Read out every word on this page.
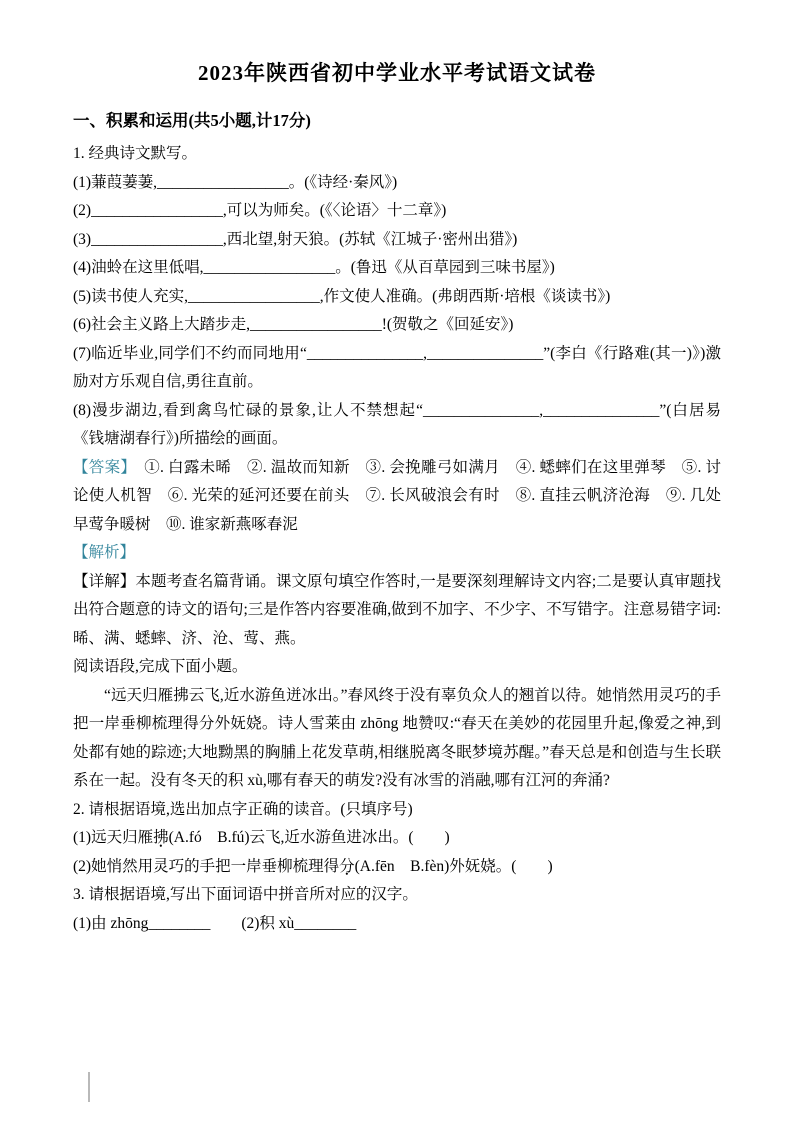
2023年陕西省初中学业水平考试语文试卷
一、积累和运用(共5小题,计17分)

1. 经典诗文默写。

(1)蒹葭萋萋,_________________。(《诗经·秦风》)

(2)_________________,可以为师矣。(《〈论语〉十二章》)

(3)_________________,西北望,射天狼。(苏轼《江城子·密州出猎》)

(4)油蛉在这里低唱,_________________。(鲁迅《从百草园到三味书屋》)

(5)读书使人充实,_________________,作文使人准确。(弗朗西斯·培根《谈读书》)

(6)社会主义路上大踏步走,_________________!(贺敬之《回延安》)

(7)临近毕业,同学们不约而同地用“_______________,_______________”(李白《行路难(其一)》)激励对方乐观自信,勇往直前。

(8)漫步湖边,看到禽鸟忙碌的景象,让人不禁想起“_______________,_______________”(白居易《钱塘湖春行》)所描绘的画面。

【答案】　①. 白露未晞　②. 温故而知新　③. 会挽雕弓如满月　④. 蟋蟀们在这里弹琴　⑤. 讨论使人机智　⑥. 光荣的延河还要在前头　⑦. 长风破浪会有时　⑧. 直挂云帆济沧海　⑨. 几处早莺争暖树　⑩. 谁家新燕啄春泥

【解析】

【详解】本题考查名篇背诵。课文原句填空作答时,一是要深刻理解诗文内容;二是要认真审题找出符合题意的诗文的语句;三是作答内容要准确,做到不加字、不少字、不写错字。注意易错字词:晞、满、蟋蟀、济、沧、莺、燕。

阅读语段,完成下面小题。

“远天归雁拂云飞,近水游鱼迸冰出。”春风终于没有辜负众人的翘首以待。她悄然用灵巧的手把一岸垂柳梳理得分外妩娆。诗人雪莱由 zhōng 地赞叹:“春天在美妙的花园里升起,像爱之神,到处都有她的踪迹;大地黝黑的胸脯上花发草萌,相继脱离冬眠梦境苏醒。”春天总是和创造与生长联系在一起。没有冬天的积 xù,哪有春天的萌发?没有冰雪的消融,哪有江河的奔涌?

2. 请根据语境,选出加点字正确的读音。(只填序号)

(1)远天归雁拂(A.fó　B.fú)云飞,近水游鱼进冰出。(　　)

(2)她悄然用灵巧的手把一岸垂柳梳理得分(A.fēn　B.fèn)外妩娆。(　　)

3. 请根据语境,写出下面词语中拼音所对应的汉字。

(1)由 zhōng________　　(2)积 xù________
